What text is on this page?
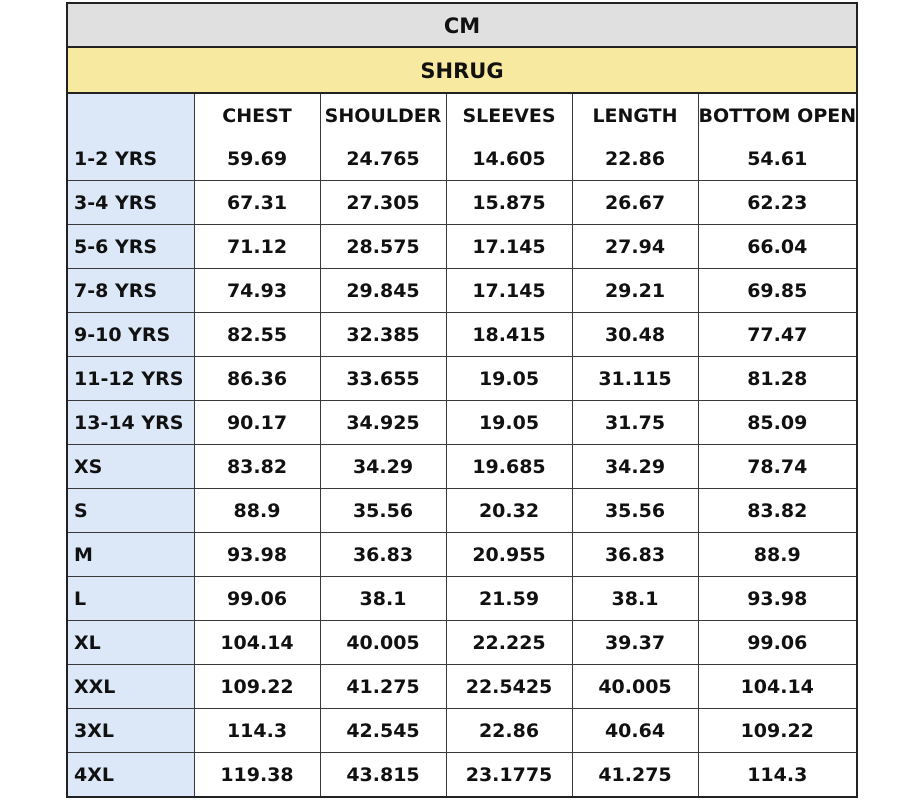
CM
SHRUG
	CHEST	SHOULDER	SLEEVES	LENGTH	BOTTOM OPEN
1-2 YRS	59.69	24.765	14.605	22.86	54.61
3-4 YRS	67.31	27.305	15.875	26.67	62.23
5-6 YRS	71.12	28.575	17.145	27.94	66.04
7-8 YRS	74.93	29.845	17.145	29.21	69.85
9-10 YRS	82.55	32.385	18.415	30.48	77.47
11-12 YRS	86.36	33.655	19.05	31.115	81.28
13-14 YRS	90.17	34.925	19.05	31.75	85.09
XS	83.82	34.29	19.685	34.29	78.74
S	88.9	35.56	20.32	35.56	83.82
M	93.98	36.83	20.955	36.83	88.9
L	99.06	38.1	21.59	38.1	93.98
XL	104.14	40.005	22.225	39.37	99.06
XXL	109.22	41.275	22.5425	40.005	104.14
3XL	114.3	42.545	22.86	40.64	109.22
4XL	119.38	43.815	23.1775	41.275	114.3
